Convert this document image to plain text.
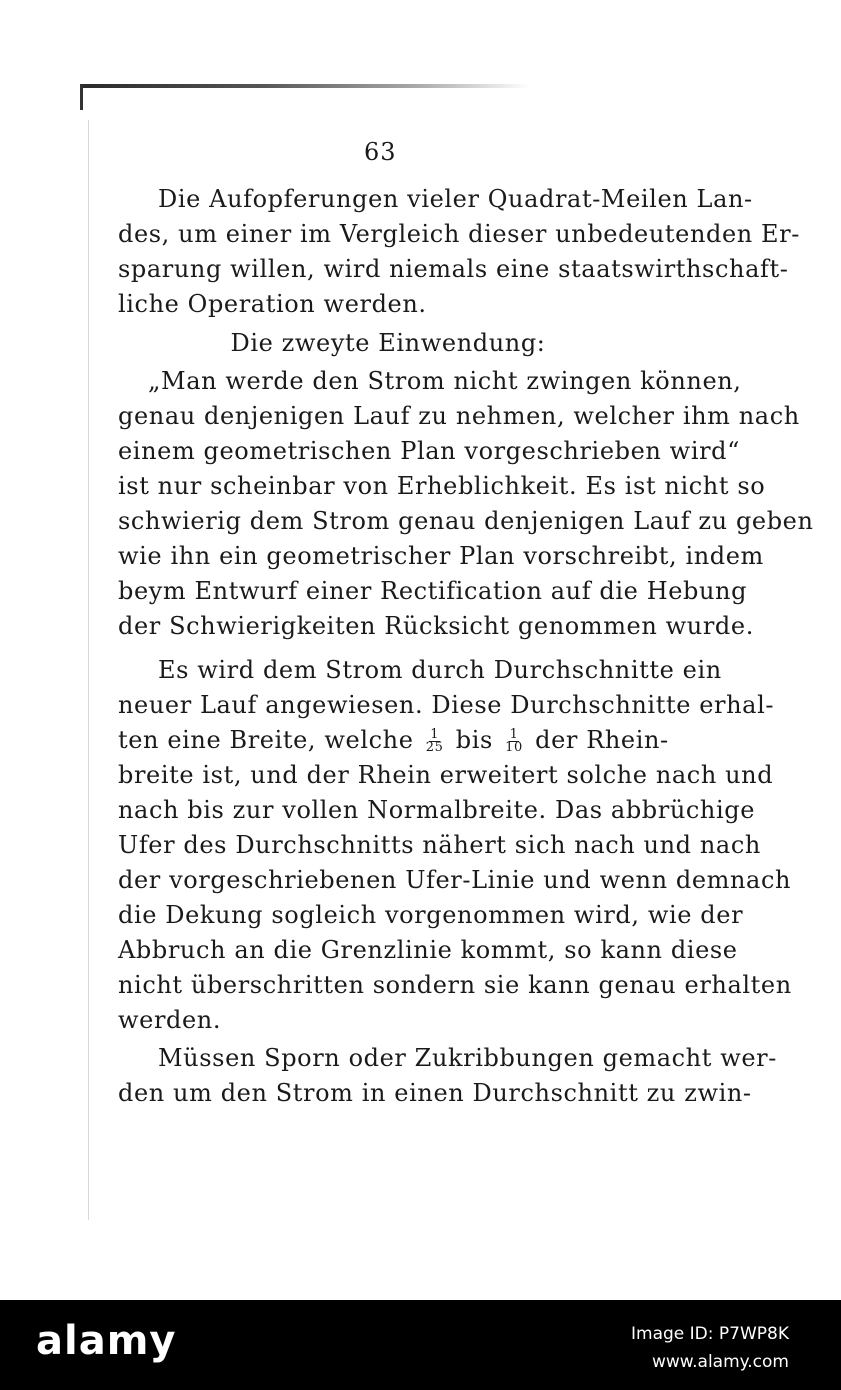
63
Die Aufopferungen vieler Quadrat-Meilen Lan-
des, um einer im Vergleich dieser unbedeutenden Er-
sparung willen, wird niemals eine staatswirthschaft-
liche Operation werden.
Die zweyte Einwendung:
„Man werde den Strom nicht zwingen können,
genau denjenigen Lauf zu nehmen, welcher ihm nach
einem geometrischen Plan vorgeschrieben wird“
ist nur scheinbar von Erheblichkeit. Es ist nicht so
schwierig dem Strom genau denjenigen Lauf zu geben
wie ihn ein geometrischer Plan vorschreibt, indem
beym Entwurf einer Rectification auf die Hebung
der Schwierigkeiten Rücksicht genommen wurde.
Es wird dem Strom durch Durchschnitte ein
neuer Lauf angewiesen. Diese Durchschnitte erhal-
ten eine Breite, welche $\frac{1}{25}$ bis $\frac{1}{10}$ der Rhein-
breite ist, und der Rhein erweitert solche nach und
nach bis zur vollen Normalbreite. Das abbrüchige
Ufer des Durchschnitts nähert sich nach und nach
der vorgeschriebenen Ufer-Linie und wenn demnach
die Dekung sogleich vorgenommen wird, wie der
Abbruch an die Grenzlinie kommt, so kann diese
nicht überschritten sondern sie kann genau erhalten
werden.
Müssen Sporn oder Zukribbungen gemacht wer-
den um den Strom in einen Durchschnitt zu zwin-
alamy	Image ID: P7WP8K
www.alamy.com
